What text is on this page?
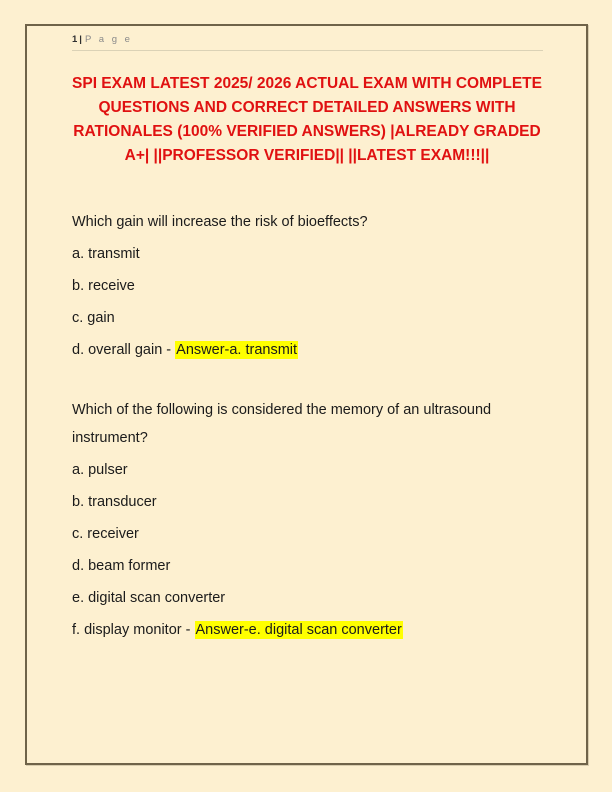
1 | P a g e
SPI EXAM LATEST 2025/ 2026 ACTUAL EXAM WITH COMPLETE QUESTIONS AND CORRECT DETAILED ANSWERS WITH RATIONALES (100% VERIFIED ANSWERS) |ALREADY GRADED A+| ||PROFESSOR VERIFIED|| ||LATEST EXAM!!!||

Which gain will increase the risk of bioeffects?

a. transmit

b. receive

c. gain

d. overall gain - Answer-a. transmit

Which of the following is considered the memory of an ultrasound instrument?

a. pulser

b. transducer

c. receiver

d. beam former

e. digital scan converter

f. display monitor - Answer-e. digital scan converter
